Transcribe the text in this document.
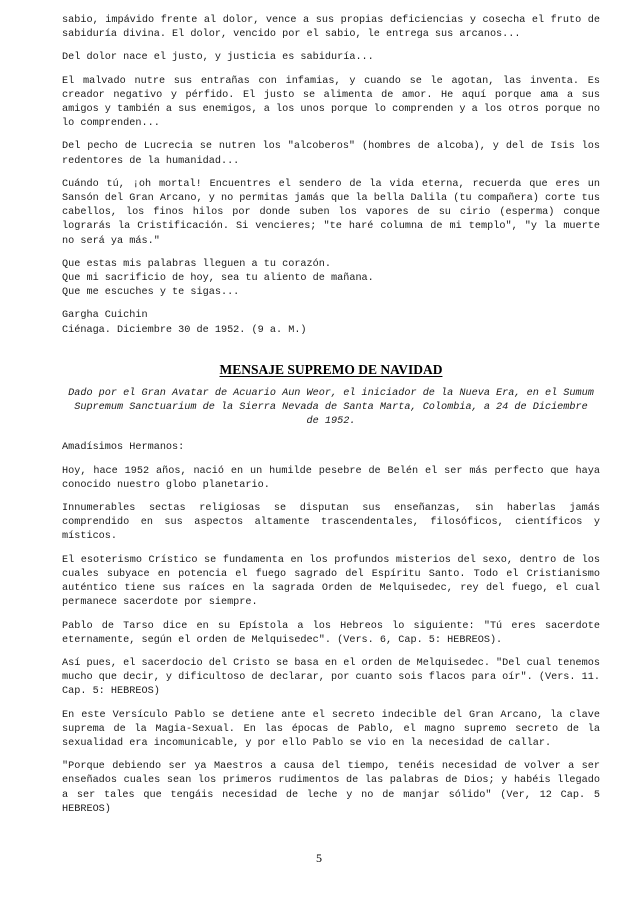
sabio, impávido frente al dolor, vence a sus propias deficiencias y cosecha el fruto de sabiduría divina. El dolor, vencido por el sabio, le entrega sus arcanos...

Del dolor nace el justo, y justicia es sabiduría...

El malvado nutre sus entrañas con infamias, y cuando se le agotan, las inventa. Es creador negativo y pérfido. El justo se alimenta de amor. He aquí porque ama a sus amigos y también a sus enemigos, a los unos porque lo comprenden y a los otros porque no lo comprenden...

Del pecho de Lucrecia se nutren los "alcoberos" (hombres de alcoba), y del de Isis los redentores de la humanidad...

Cuándo tú, ¡oh mortal! Encuentres el sendero de la vida eterna, recuerda que eres un Sansón del Gran Arcano, y no permitas jamás que la bella Dalila (tu compañera) corte tus cabellos, los finos hilos por donde suben los vapores de su cirio (esperma) conque lograrás la Cristificación. Si vencieres; "te haré columna de mi templo", "y la muerte no será ya más."

Que estas mis palabras lleguen a tu corazón.
Que mi sacrificio de hoy, sea tu aliento de mañana.
Que me escuches y te sigas...

Gargha Cuichin
Ciénaga. Diciembre 30 de 1952. (9 a. M.)

MENSAJE SUPREMO DE NAVIDAD
Dado por el Gran Avatar de Acuario Aun Weor, el iniciador de la Nueva Era, en el Sumum Supremum Sanctuarium de la Sierra Nevada de Santa Marta, Colombia, a 24 de Diciembre de 1952.

Amadísimos Hermanos:

Hoy, hace 1952 años, nació en un humilde pesebre de Belén el ser más perfecto que haya conocido nuestro globo planetario.

Innumerables sectas religiosas se disputan sus enseñanzas, sin haberlas jamás comprendido en sus aspectos altamente trascendentales, filosóficos, científicos y místicos.

El esoterismo Crístico se fundamenta en los profundos misterios del sexo, dentro de los cuales subyace en potencia el fuego sagrado del Espíritu Santo. Todo el Cristianismo auténtico tiene sus raíces en la sagrada Orden de Melquisedec, rey del fuego, el cual permanece sacerdote por siempre.

Pablo de Tarso dice en su Epístola a los Hebreos lo siguiente: "Tú eres sacerdote eternamente, según el orden de Melquisedec". (Vers. 6, Cap. 5: HEBREOS).

Así pues, el sacerdocio del Cristo se basa en el orden de Melquisedec. "Del cual tenemos mucho que decir, y dificultoso de declarar, por cuanto sois flacos para oír". (Vers. 11. Cap. 5: HEBREOS)

En este Versículo Pablo se detiene ante el secreto indecible del Gran Arcano, la clave suprema de la Magia-Sexual. En las épocas de Pablo, el magno supremo secreto de la sexualidad era incomunicable, y por ello Pablo se vio en la necesidad de callar.

"Porque debiendo ser ya Maestros a causa del tiempo, tenéis necesidad de volver a ser enseñados cuales sean los primeros rudimentos de las palabras de Dios; y habéis llegado a ser tales que tengáis necesidad de leche y no de manjar sólido" (Ver, 12 Cap. 5 HEBREOS)

5
